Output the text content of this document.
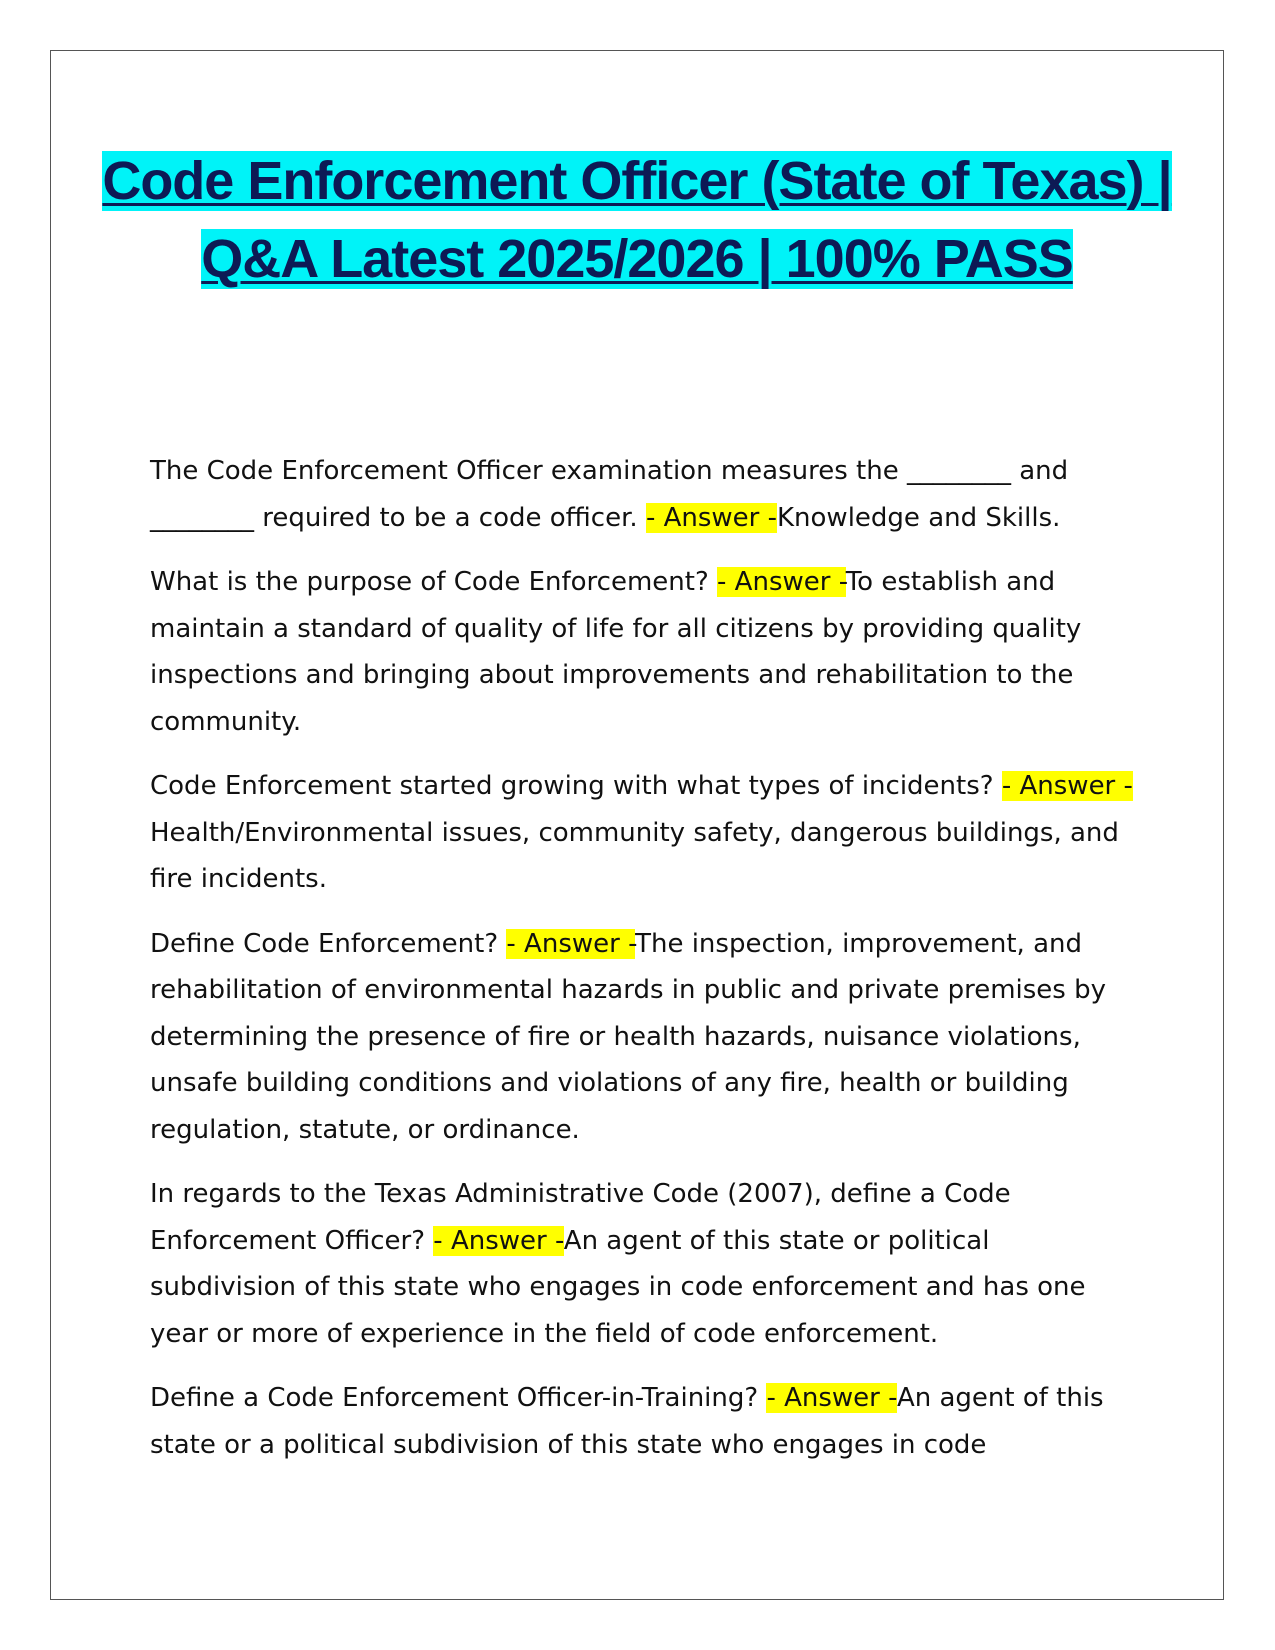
Code Enforcement Officer (State of Texas) | Q&A Latest 2025/2026 | 100% PASS

The Code Enforcement Officer examination measures the ________ and ________ required to be a code officer. - Answer -Knowledge and Skills.

What is the purpose of Code Enforcement? - Answer -To establish and maintain a standard of quality of life for all citizens by providing quality inspections and bringing about improvements and rehabilitation to the community.

Code Enforcement started growing with what types of incidents? - Answer -Health/Environmental issues, community safety, dangerous buildings, and fire incidents.

Define Code Enforcement? - Answer -The inspection, improvement, and rehabilitation of environmental hazards in public and private premises by determining the presence of fire or health hazards, nuisance violations, unsafe building conditions and violations of any fire, health or building regulation, statute, or ordinance.

In regards to the Texas Administrative Code (2007), define a Code Enforcement Officer? - Answer -An agent of this state or political subdivision of this state who engages in code enforcement and has one year or more of experience in the field of code enforcement.

Define a Code Enforcement Officer-in-Training? - Answer -An agent of this state or a political subdivision of this state who engages in code
